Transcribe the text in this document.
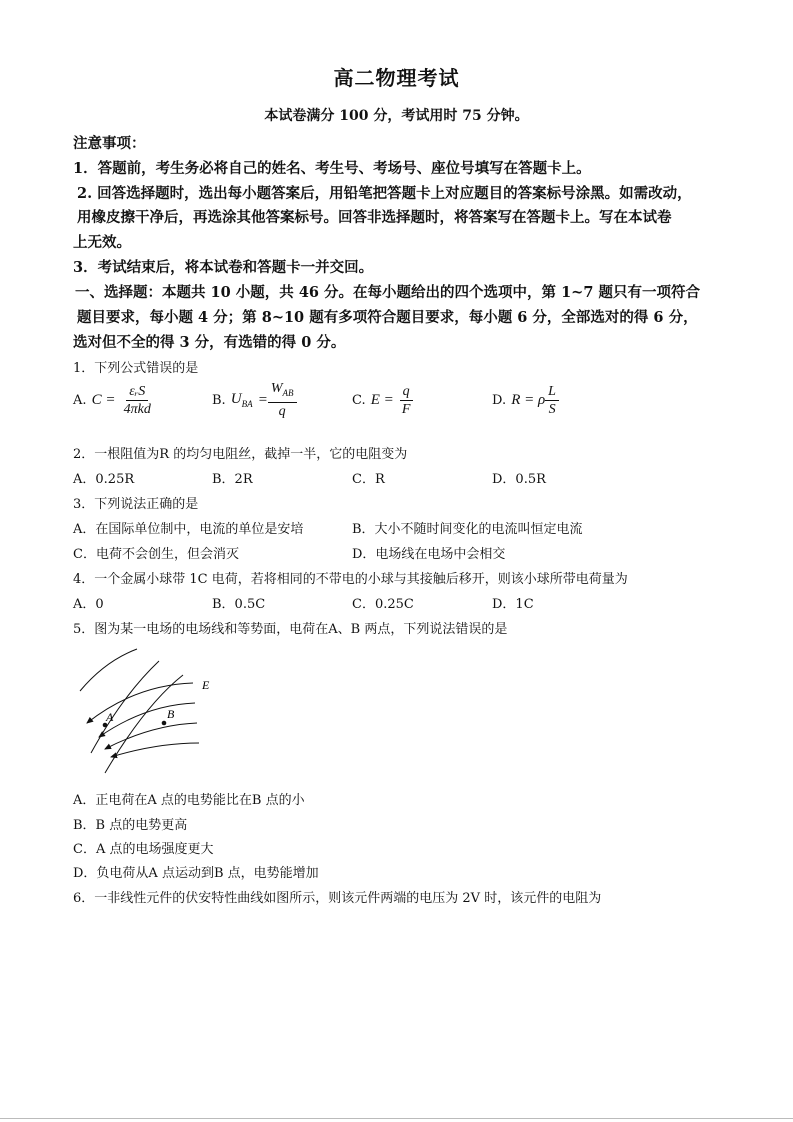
高二物理考试
本试卷满分 100 分，考试用时 75 分钟。
注意事项：
1．答题前，考生务必将自己的姓名、考生号、考场号、座位号填写在答题卡上。
2. 回答选择题时，选出每小题答案后，用铅笔把答题卡上对应题目的答案标号涂黑。如需改动，
用橡皮擦干净后，再选涂其他答案标号。回答非选择题时，将答案写在答题卡上。写在本试卷
上无效。
3．考试结束后，将本试卷和答题卡一并交回。
一、选择题：本题共 10 小题，共 46 分。在每小题给出的四个选项中，第 1~7 题只有一项符合
题目要求，每小题 4 分；第 8~10 题有多项符合题目要求，每小题 6 分，全部选对的得 6 分，
选对但不全的得 3 分，有选错的得 0 分。
1．下列公式错误的是
A.
C =
$\frac{\text{εᵣS}}{\text{4πkd}}$	B.
$U_{BA}$
= $\frac{W_{AB}}{q}$	C.
E =
$\frac{q}{F}$	D.
R = ρ $\frac{L}{S}$
2．一根阻值为R 的均匀电阻丝，截掉一半，它的电阻变为
A．0.25R	B．2R	C．R	D．0.5R
3．下列说法正确的是
A．在国际单位制中，电流的单位是安培	B．大小不随时间变化的电流叫恒定电流
C．电荷不会创生，但会消灭	D．电场线在电场中会相交
4．一个金属小球带 1C 电荷，若将相同的不带电的小球与其接触后移开，则该小球所带电荷量为
A．0	B．0.5C	C．0.25C	D．1C
5．图为某一电场的电场线和等势面，电荷在A、B 两点，下列说法错误的是
A	B
E
A．正电荷在A 点的电势能比在B 点的小
B．B 点的电势更高
C．A 点的电场强度更大
D．负电荷从A 点运动到B 点，电势能增加
6．一非线性元件的伏安特性曲线如图所示，则该元件两端的电压为 2V 时，该元件的电阻为
